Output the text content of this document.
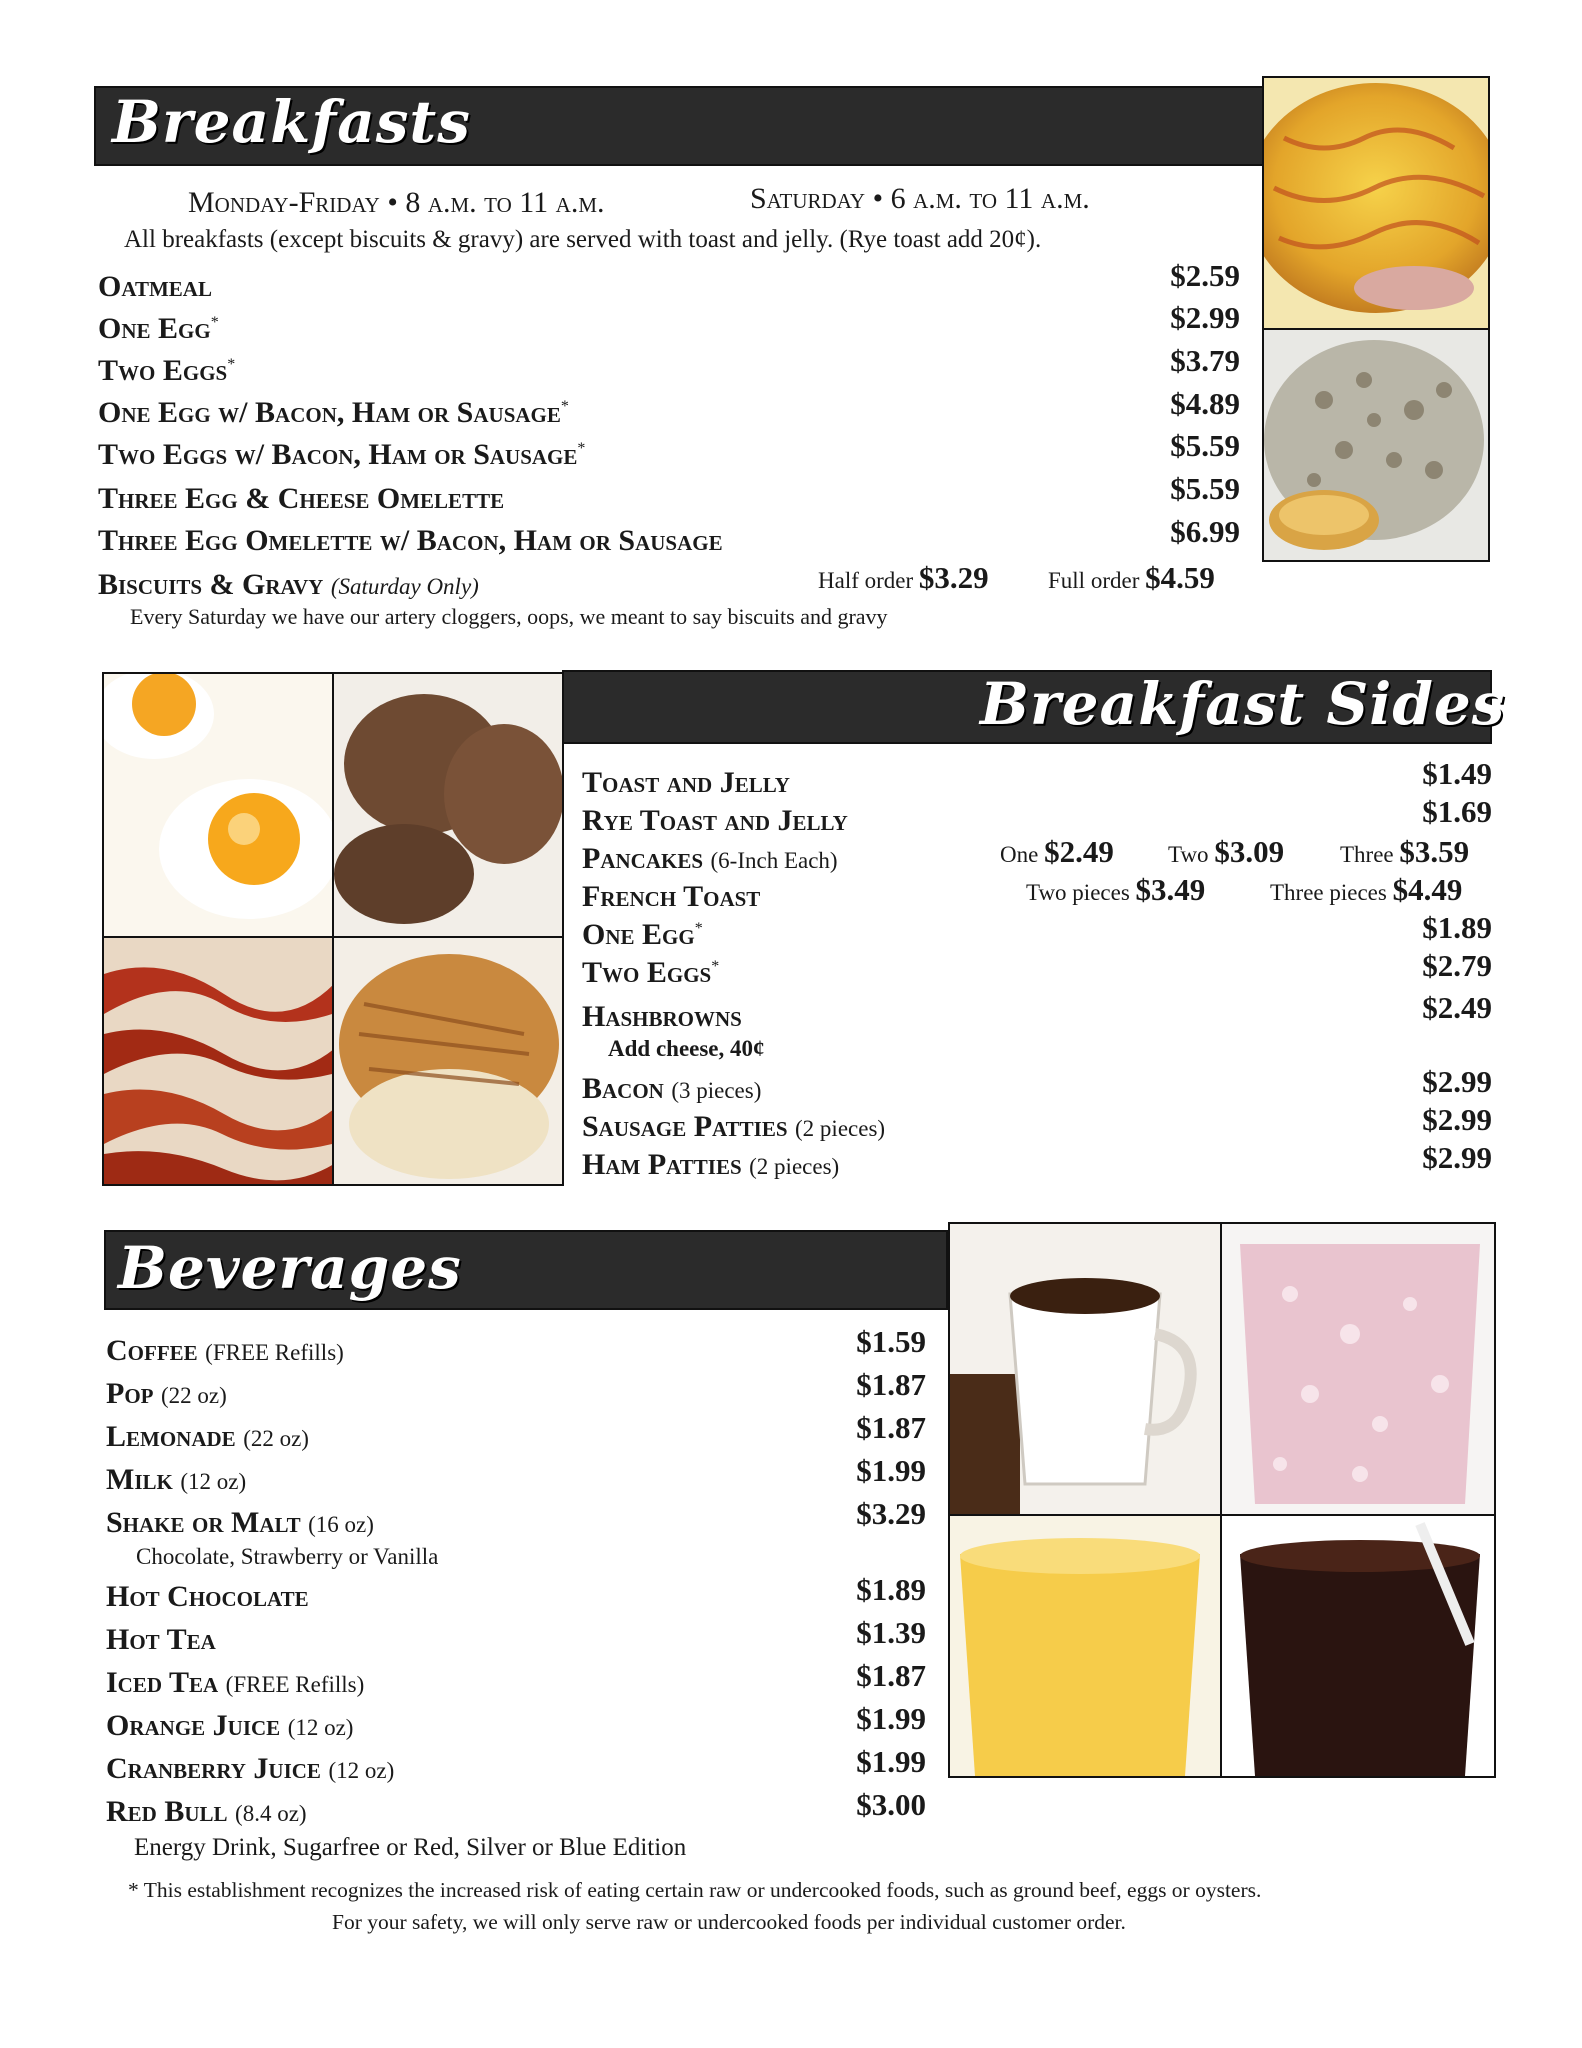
Breakfasts
Monday-Friday • 8 a.m. to 11 a.m.	Saturday • 6 a.m. to 11 a.m.
All breakfasts (except biscuits & gravy) are served with toast and jelly. (Rye toast add 20¢).
Oatmeal	$2.59
One Egg*	$2.99
Two Eggs*	$3.79
One Egg w/ Bacon, Ham or Sausage*	$4.89
Two Eggs w/ Bacon, Ham or Sausage*	$5.59
Three Egg & Cheese Omelette	$5.59
Three Egg Omelette w/ Bacon, Ham or Sausage	$6.99
Biscuits & Gravy (Saturday Only)	Half order $3.29	Full order $4.59
Every Saturday we have our artery cloggers, oops, we meant to say biscuits and gravy
Breakfast Sides
Toast and Jelly	$1.49
Rye Toast and Jelly	$1.69
Pancakes (6-Inch Each)	One $2.49 Two $3.09 Three $3.59
French Toast	Two pieces $3.49	Three pieces $4.49
One Egg*	$1.89
Two Eggs*	$2.79
Hashbrowns	$2.49
Add cheese, 40¢
Bacon (3 pieces)	$2.99
Sausage Patties (2 pieces)	$2.99
Ham Patties (2 pieces)	$2.99
Beverages
Coffee (FREE Refills)	$1.59
Pop (22 oz)	$1.87
Lemonade (22 oz)	$1.87
Milk (12 oz)	$1.99
Shake or Malt (16 oz)	$3.29
Chocolate, Strawberry or Vanilla
Hot Chocolate	$1.89
Hot Tea	$1.39
Iced Tea (FREE Refills)	$1.87
Orange Juice (12 oz)	$1.99
Cranberry Juice (12 oz)	$1.99
Red Bull (8.4 oz)	$3.00
Energy Drink, Sugarfree or Red, Silver or Blue Edition
* This establishment recognizes the increased risk of eating certain raw or undercooked foods, such as ground beef, eggs or oysters.
For your safety, we will only serve raw or undercooked foods per individual customer order.
